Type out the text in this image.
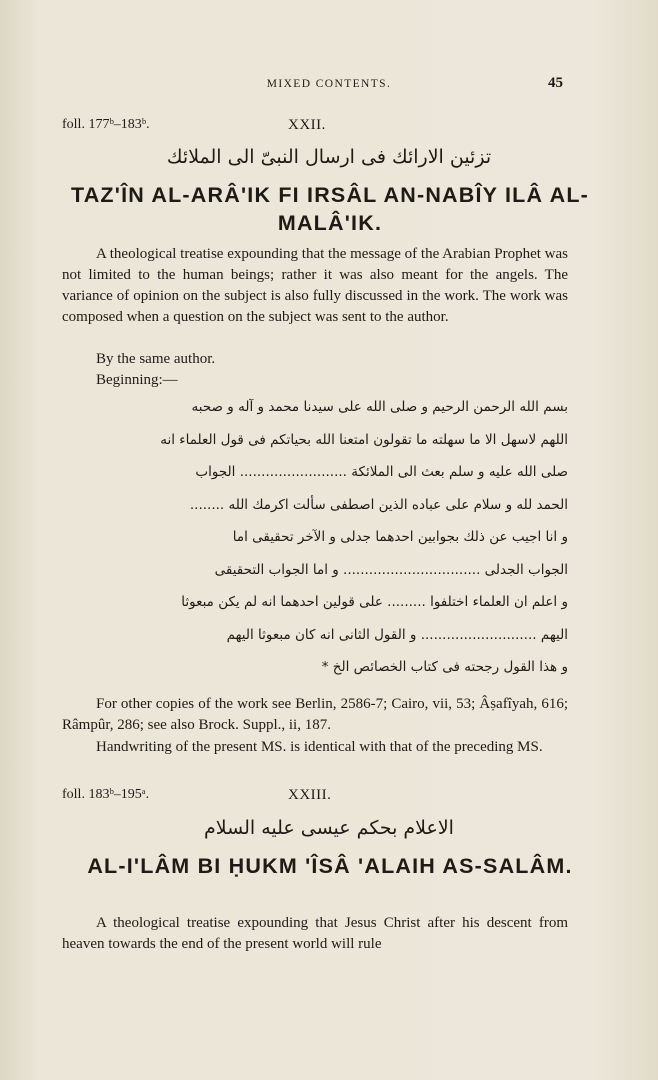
MIXED CONTENTS.	45
foll. 177ᵇ–183ᵇ.	XXII.
تزئين الارائك فى ارسال النبىّ الى الملائك
TAZ'ÎN AL-ARÂ'IK FI IRSÂL AN-NABÎY ILÂ AL-MALÂ'IK.

A theological treatise expounding that the message of the Arabian Prophet was not limited to the human beings; rather it was also meant for the angels. The variance of opinion on the subject is also fully discussed in the work. The work was composed when a question on the subject was sent to the author.

By the same author.

Beginning:—

بسم الله الرحمن الرحيم و صلى الله على سيدنا محمد و آله و صحبه
اللهم لاسهل الا ما سهلته ما تقولون امتعنا الله بحياتكم فى قول العلماء انه
صلى الله عليه و سلم بعث الى الملائكة ......................... الجواب
الحمد لله و سلام على عباده الذين اصطفى سألت اكرمك الله ........
و انا اجيب عن ذلك بجوابين احدهما جدلى و الآخر تحقيقى اما
الجواب الجدلى ................................ و اما الجواب التحقيقى
و اعلم ان العلماء اختلفوا ......... على قولين احدهما انه لم يكن مبعوثا
اليهم ........................... و القول الثانى انه كان مبعوثا اليهم
و هذا القول رجحته فى كتاب الخصائص الخ *

For other copies of the work see Berlin, 2586-7; Cairo, vii, 53; Âṣafîyah, 616; Râmpûr, 286; see also Brock. Suppl., ii, 187.

Handwriting of the present MS. is identical with that of the preceding MS.

foll. 183ᵇ–195ᵃ.	XXIII.
الاعلام بحكم عيسى عليه السلام
AL-I'LÂM BI ḤUKM 'ÎSÂ 'ALAIH AS-SALÂM.

A theological treatise expounding that Jesus Christ after his descent from heaven towards the end of the present world will rule
